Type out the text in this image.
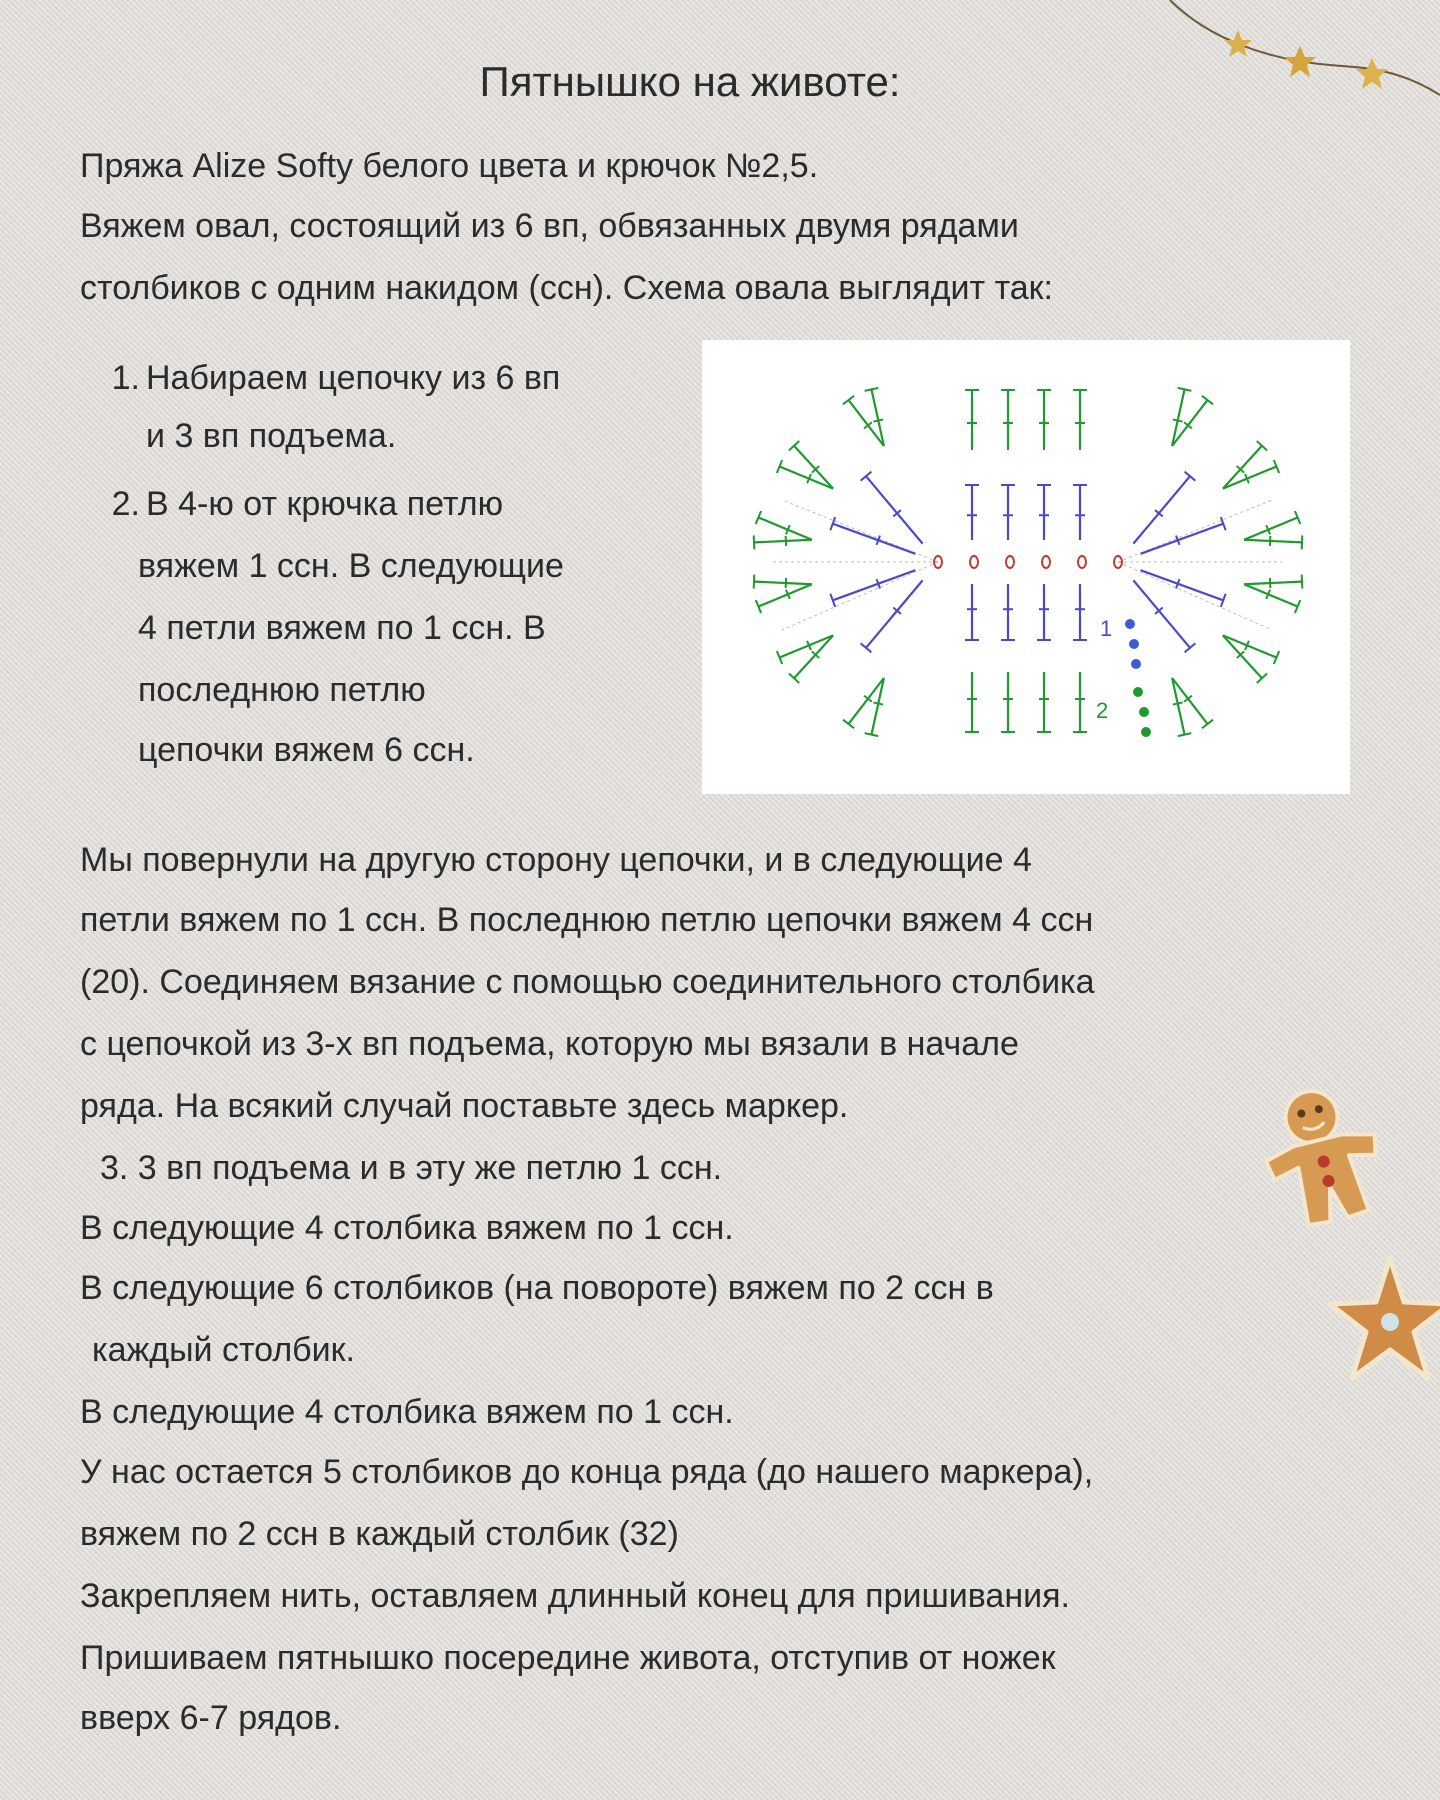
Пятнышко на животе:
Пряжа Alize Softy белого цвета и крючок №2,5.
Вяжем овал, состоящий из 6 вп, обвязанных двумя рядами
столбиков с одним накидом (ссн). Схема овала выглядит так:
1. Набираем цепочку из 6 вп
и 3 вп подъема.
2. В 4-ю от крючка петлю
вяжем 1 ссн. В следующие
4 петли вяжем по 1 ссн. В
последнюю петлю
цепочки вяжем 6 ссн.
1
2
Мы повернули на другую сторону цепочки, и в следующие 4
петли вяжем по 1 ссн. В последнюю петлю цепочки вяжем 4 ссн
(20). Соединяем вязание с помощью соединительного столбика
с цепочкой из 3-х вп подъема, которую мы вязали в начале
ряда. На всякий случай поставьте здесь маркер.
3. 3 вп подъема и в эту же петлю 1 ссн.
В следующие 4 столбика вяжем по 1 ссн.
В следующие 6 столбиков (на повороте) вяжем по 2 ссн в
каждый столбик.
В следующие 4 столбика вяжем по 1 ссн.
У нас остается 5 столбиков до конца ряда (до нашего маркера),
вяжем по 2 ссн в каждый столбик (32)
Закрепляем нить, оставляем длинный конец для пришивания.
Пришиваем пятнышко посередине живота, отступив от ножек
вверх 6-7 рядов.
